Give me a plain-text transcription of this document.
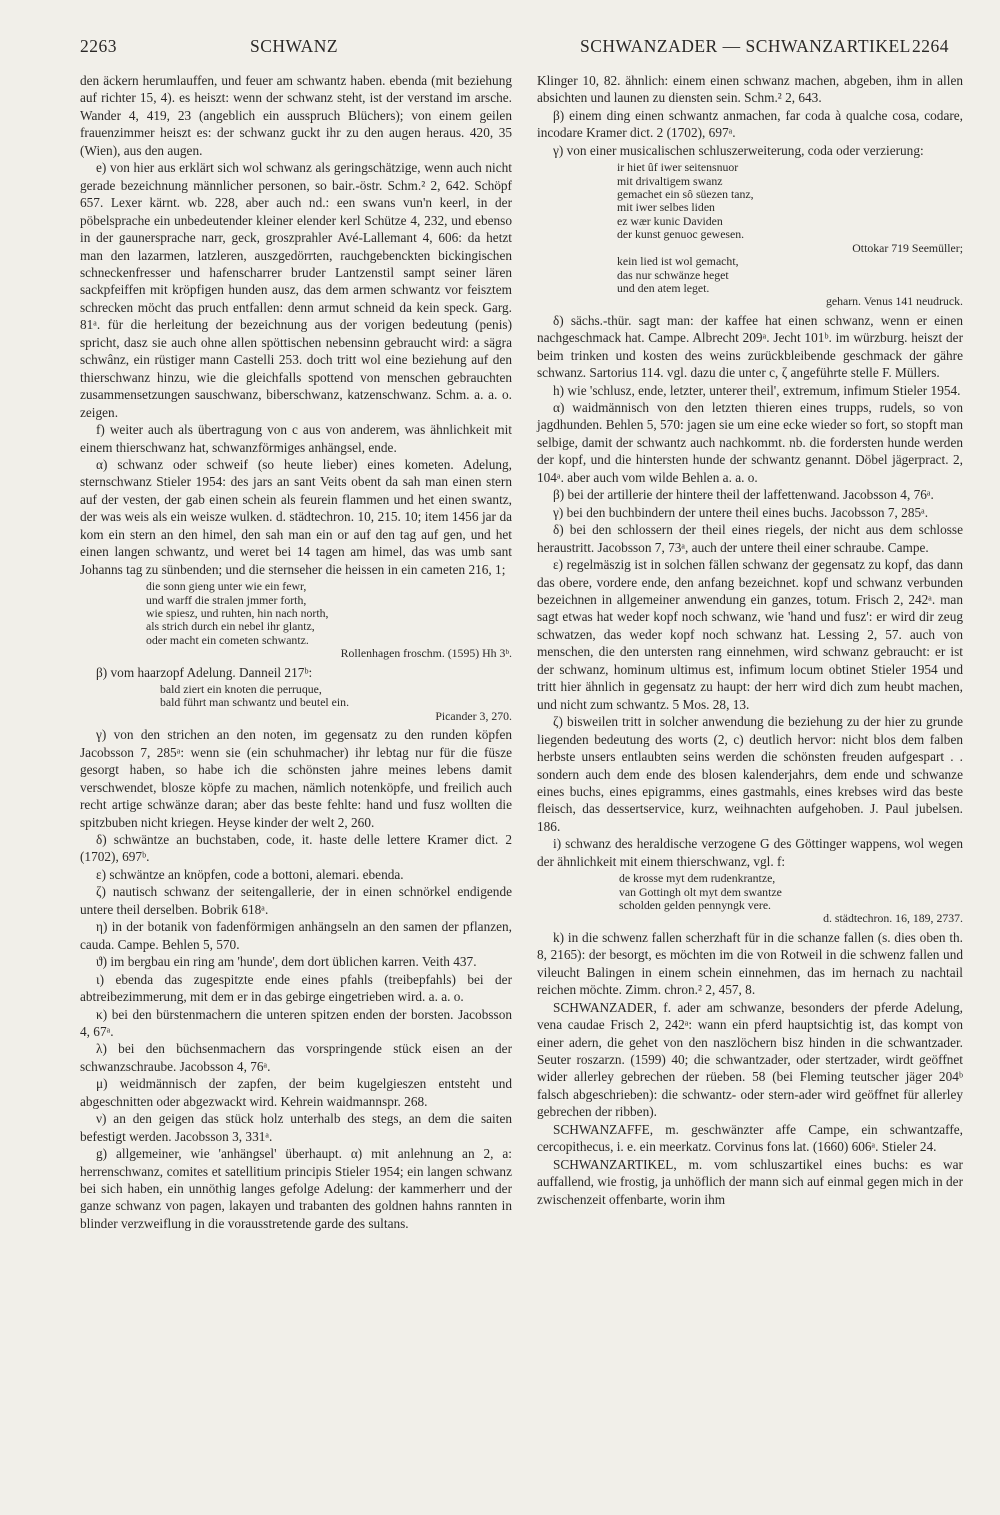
2263	SCHWANZ	SCHWANZADER — SCHWANZARTIKEL 2264

den äckern herumlauffen, und feuer am schwantz haben. ebenda (mit beziehung auf richter 15, 4). es heiszt: wenn der schwanz steht, ist der verstand im arsche. Wander 4, 419, 23 (angeblich ein ausspruch Blüchers); von einem geilen frauenzimmer heiszt es: der schwanz guckt ihr zu den augen heraus. 420, 35 (Wien), aus den augen.

e) von hier aus erklärt sich wol schwanz als geringschätzige, wenn auch nicht gerade bezeichnung männlicher personen, so bair.-östr. Schm.² 2, 642. Schöpf 657. Lexer kärnt. wb. 228, aber auch nd.: een swans vun'n keerl, in der pöbelsprache ein unbedeutender kleiner elender kerl Schütze 4, 232, und ebenso in der gaunersprache narr, geck, groszprahler Avé-Lallemant 4, 606: da hetzt man den lazarmen, latzleren, auszgedörrten, rauchgebenckten bickingischen schneckenfresser und hafenscharrer bruder Lantzenstil sampt seiner lären sackpfeiffen mit kröpfigen hunden ausz, das dem armen schwantz vor feisztem schrecken möcht das pruch entfallen: denn armut schneid da kein speck. Garg. 81ᵃ. für die herleitung der bezeichnung aus der vorigen bedeutung (penis) spricht, dasz sie auch ohne allen spöttischen nebensinn gebraucht wird: a sägra schwânz, ein rüstiger mann Castelli 253. doch tritt wol eine beziehung auf den thierschwanz hinzu, wie die gleichfalls spottend von menschen gebrauchten zusammensetzungen sauschwanz, biberschwanz, katzenschwanz. Schm. a. a. o. zeigen.

f) weiter auch als übertragung von c aus von anderem, was ähnlichkeit mit einem thierschwanz hat, schwanzförmiges anhängsel, ende.

α) schwanz oder schweif (so heute lieber) eines kometen. Adelung, sternschwanz Stieler 1954: des jars an sant Veits obent da sah man einen stern auf der vesten, der gab einen schein als feurein flammen und het einen swantz, der was weis als ein weisze wulken. d. städtechron. 10, 215. 10; item 1456 jar da kom ein stern an den himel, den sah man ein or auf den tag auf gen, und het einen langen schwantz, und weret bei 14 tagen am himel, das was umb sant Johanns tag zu sünbenden; und die sternseher die heissen in ein cameten 216, 1;

die sonn gieng unter wie ein fewr,
und warff die stralen jmmer forth,
wie spiesz, und ruhten, hin nach north,
als strich durch ein nebel ihr glantz,
oder macht ein cometen schwantz.
Rollenhagen froschm. (1595) Hh 3ᵇ.

β) vom haarzopf Adelung. Danneil 217ᵇ:

bald ziert ein knoten die perruque,
bald führt man schwantz und beutel ein.
Picander 3, 270.

γ) von den strichen an den noten, im gegensatz zu den runden köpfen Jacobsson 7, 285ᵃ: wenn sie (ein schuhmacher) ihr lebtag nur für die füsze gesorgt haben, so habe ich die schönsten jahre meines lebens damit verschwendet, blosze köpfe zu machen, nämlich notenköpfe, und freilich auch recht artige schwänze daran; aber das beste fehlte: hand und fusz wollten die spitzbuben nicht kriegen. Heyse kinder der welt 2, 260.

δ) schwäntze an buchstaben, code, it. haste delle lettere Kramer dict. 2 (1702), 697ᵇ.

ε) schwäntze an knöpfen, code a bottoni, alemari. ebenda.

ζ) nautisch schwanz der seitengallerie, der in einen schnörkel endigende untere theil derselben. Bobrik 618ᵃ.

η) in der botanik von fadenförmigen anhängseln an den samen der pflanzen, cauda. Campe. Behlen 5, 570.

ϑ) im bergbau ein ring am 'hunde', dem dort üblichen karren. Veith 437.

ι) ebenda das zugespitzte ende eines pfahls (treibepfahls) bei der abtreibezimmerung, mit dem er in das gebirge eingetrieben wird. a. a. o.

κ) bei den bürstenmachern die unteren spitzen enden der borsten. Jacobsson 4, 67ᵃ.

λ) bei den büchsenmachern das vorspringende stück eisen an der schwanzschraube. Jacobsson 4, 76ᵃ.

μ) weidmännisch der zapfen, der beim kugelgieszen entsteht und abgeschnitten oder abgezwackt wird. Kehrein waidmannspr. 268.

ν) an den geigen das stück holz unterhalb des stegs, an dem die saiten befestigt werden. Jacobsson 3, 331ᵃ.

g) allgemeiner, wie 'anhängsel' überhaupt. α) mit anlehnung an 2, a: herrenschwanz, comites et satellitium principis Stieler 1954; ein langen schwanz bei sich haben, ein unnöthig langes gefolge Adelung: der kammerherr und der ganze schwanz von pagen, lakayen und trabanten des goldnen hahns rannten in blinder verzweiflung in die vorausstretende garde des sultans.

Klinger 10, 82. ähnlich: einem einen schwanz machen, abgeben, ihm in allen absichten und launen zu diensten sein. Schm.² 2, 643.

β) einem ding einen schwantz anmachen, far coda à qualche cosa, codare, incodare Kramer dict. 2 (1702), 697ᵃ.

γ) von einer musicalischen schluszerweiterung, coda oder verzierung:

ir hiet ûf iwer seitensnuor
mit drivaltigem swanz
gemachet ein sô süezen tanz,
mit iwer selbes liden
ez wær kunic Daviden
der kunst genuoc gewesen.
Ottokar 719 Seemüller;
kein lied ist wol gemacht,
das nur schwänze heget
und den atem leget.
geharn. Venus 141 neudruck.

δ) sächs.-thür. sagt man: der kaffee hat einen schwanz, wenn er einen nachgeschmack hat. Campe. Albrecht 209ᵃ. Jecht 101ᵇ. im würzburg. heiszt der beim trinken und kosten des weins zurückbleibende geschmack der gähre schwanz. Sartorius 114. vgl. dazu die unter c, ζ angeführte stelle F. Müllers.

h) wie 'schlusz, ende, letzter, unterer theil', extremum, infimum Stieler 1954.

α) waidmännisch von den letzten thieren eines trupps, rudels, so von jagdhunden. Behlen 5, 570: jagen sie um eine ecke wieder so fort, so stopft man selbige, damit der schwantz auch nachkommt. nb. die fordersten hunde werden der kopf, und die hintersten hunde der schwantz genannt. Döbel jägerpract. 2, 104ᵃ. aber auch vom wilde Behlen a. a. o.

β) bei der artillerie der hintere theil der laffettenwand. Jacobsson 4, 76ᵃ.

γ) bei den buchbindern der untere theil eines buchs. Jacobsson 7, 285ᵃ.

δ) bei den schlossern der theil eines riegels, der nicht aus dem schlosse heraustritt. Jacobsson 7, 73ᵃ, auch der untere theil einer schraube. Campe.

ε) regelmäszig ist in solchen fällen schwanz der gegensatz zu kopf, das dann das obere, vordere ende, den anfang bezeichnet. kopf und schwanz verbunden bezeichnen in allgemeiner anwendung ein ganzes, totum. Frisch 2, 242ᵃ. man sagt etwas hat weder kopf noch schwanz, wie 'hand und fusz': er wird dir zeug schwatzen, das weder kopf noch schwanz hat. Lessing 2, 57. auch von menschen, die den untersten rang einnehmen, wird schwanz gebraucht: er ist der schwanz, hominum ultimus est, infimum locum obtinet Stieler 1954 und tritt hier ähnlich in gegensatz zu haupt: der herr wird dich zum heubt machen, und nicht zum schwantz. 5 Mos. 28, 13.

ζ) bisweilen tritt in solcher anwendung die beziehung zu der hier zu grunde liegenden bedeutung des worts (2, c) deutlich hervor: nicht blos dem falben herbste unsers entlaubten seins werden die schönsten freuden aufgespart . . sondern auch dem ende des blosen kalenderjahrs, dem ende und schwanze eines buchs, eines epigramms, eines gastmahls, eines krebses wird das beste fleisch, das dessertservice, kurz, weihnachten aufgehoben. J. Paul jubelsen. 186.

i) schwanz des heraldische verzogene G des Göttinger wappens, wol wegen der ähnlichkeit mit einem thierschwanz, vgl. f:

de krosse myt dem rudenkrantze,
van Gottingh olt myt dem swantze
scholden gelden pennyngk vere.
d. städtechron. 16, 189, 2737.

k) in die schwenz fallen scherzhaft für in die schanze fallen (s. dies oben th. 8, 2165): der besorgt, es möchten im die von Rotweil in die schwenz fallen und vileucht Balingen in einem schein einnehmen, das im hernach zu nachtail reichen möchte. Zimm. chron.² 2, 457, 8.

SCHWANZADER, f. ader am schwanze, besonders der pferde Adelung, vena caudae Frisch 2, 242ᵃ: wann ein pferd hauptsichtig ist, das kompt von einer adern, die gehet von den naszlöchern bisz hinden in die schwantzader. Seuter roszarzn. (1599) 40; die schwantzader, oder stertzader, wirdt geöffnet wider allerley gebrechen der rüeben. 58 (bei Fleming teutscher jäger 204ᵇ falsch abgeschrieben): die schwantz- oder stern-ader wird geöffnet für allerley gebrechen der ribben).

SCHWANZAFFE, m. geschwänzter affe Campe, ein schwantzaffe, cercopithecus, i. e. ein meerkatz. Corvinus fons lat. (1660) 606ᵃ. Stieler 24.

SCHWANZARTIKEL, m. vom schluszartikel eines buchs: es war auffallend, wie frostig, ja unhöflich der mann sich auf einmal gegen mich in der zwischenzeit offenbarte, worin ihm
